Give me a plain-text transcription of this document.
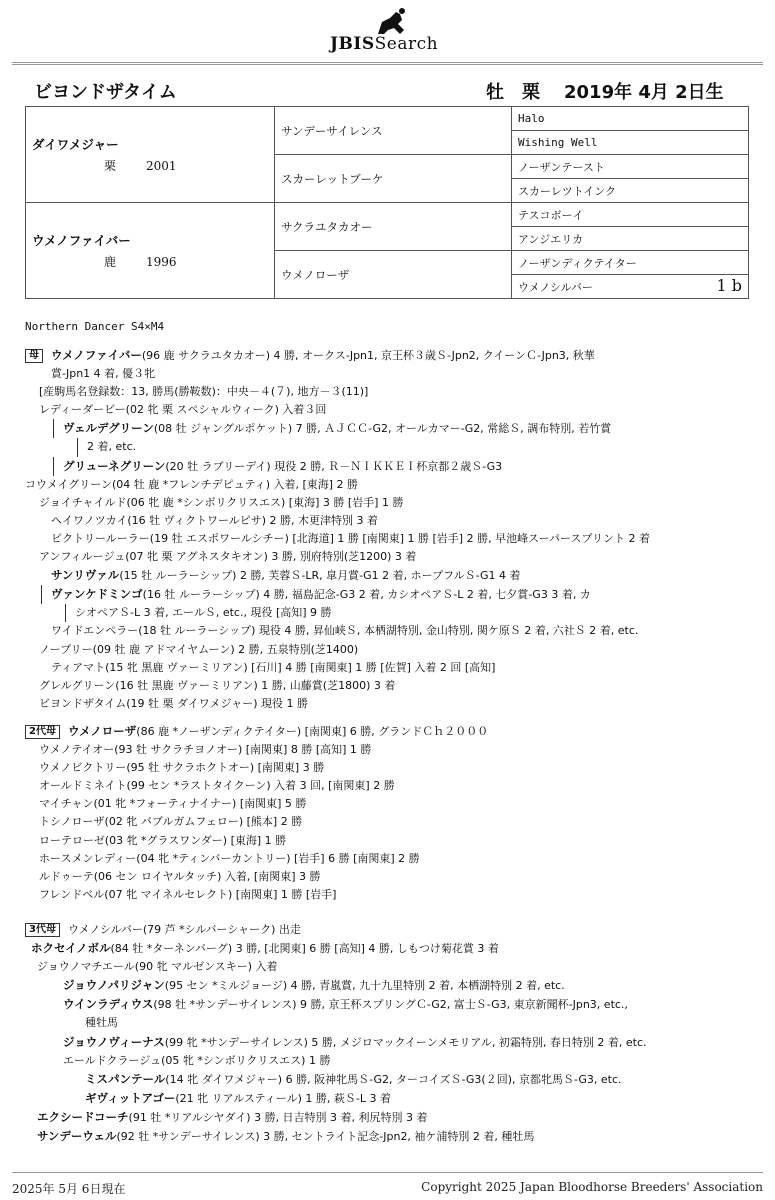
JBISSearch
ビヨンドザタイム	牡 栗 2019年 4月 2日生
ダイワメジャー
栗 2001	サンデーサイレンス	Halo
		Wishing Well
	スカーレットブーケ	ノーザンテースト
		スカーレツトインク

ウメノファイバー
鹿 1996	サクラユタカオー	テスコボーイ
		アンジエリカ
	ウメノローザ	ノーザンディクテイター
		ウメノシルバー 1 b
Northern Dancer S4×M4
母 ウメノファイバー(96 鹿 サクラユタカオー) 4 勝, オークス-Jpn1, 京王杯３歳Ｓ-Jpn2, クイーンＣ-Jpn3, 秋華
賞-Jpn1 4 着, 優３牝
[産駒馬名登録数：13, 勝馬(勝鞍数)：中央－４(７), 地方－３(11)]
レディーダービー(02 牝 栗 スペシャルウィーク) 入着３回
ヴェルデグリーン(08 牡 ジャングルポケット) 7 勝, ＡＪＣＣ-G2, オールカマー-G2, 常総Ｓ, 調布特別, 若竹賞
2 着, etc.
グリューネグリーン(20 牡 ラブリーデイ) 現役 2 勝, Ｒ－ＮＩＫＫＥＩ杯京都２歳Ｓ-G3
コウメイグリーン(04 牡 鹿 *フレンチデピュティ) 入着, [東海] 2 勝
ジョイチャイルド(06 牝 鹿 *シンボリクリスエス) [東海] 3 勝 [岩手] 1 勝
ヘイワノツカイ(16 牡 ヴィクトワールピサ) 2 勝, 木更津特別 3 着
ビクトリールーラー(19 牡 エスポワールシチー) [北海道] 1 勝 [南関東] 1 勝 [岩手] 2 勝, 早池峰スーパースプリント 2 着
アンフィルージュ(07 牝 栗 アグネスタキオン) 3 勝, 別府特別(芝1200) 3 着
サンリヴァル(15 牡 ルーラーシップ) 2 勝, 芙蓉Ｓ-LR, 皐月賞-G1 2 着, ホープフルＳ-G1 4 着
ヴァンケドミンゴ(16 牡 ルーラーシップ) 4 勝, 福島記念-G3 2 着, カシオペアＳ-L 2 着, 七夕賞-G3 3 着, カ
シオペアＳ-L 3 着, エールＳ, etc., 現役 [高知] 9 勝
ワイドエンペラー(18 牡 ルーラーシップ) 現役 4 勝, 昇仙峡Ｓ, 本栖湖特別, 金山特別, 関ケ原Ｓ 2 着, 六社Ｓ 2 着, etc.
ノーブリー(09 牡 鹿 アドマイヤムーン) 2 勝, 五泉特別(芝1400)
ティアマト(15 牝 黒鹿 ヴァーミリアン) [石川] 4 勝 [南関東] 1 勝 [佐賀] 入着 2 回 [高知]
グレルグリーン(16 牡 黒鹿 ヴァーミリアン) 1 勝, 山藤賞(芝1800) 3 着
ビヨンドザタイム(19 牡 栗 ダイワメジャー) 現役 1 勝
2代母 ウメノローザ(86 鹿 *ノーザンディクテイター) [南関東] 6 勝, グランドＣｈ２０００
ウメノテイオー(93 牡 サクラチヨノオー) [南関東] 8 勝 [高知] 1 勝
ウメノビクトリー(95 牡 サクラホクトオー) [南関東] 3 勝
オールドミネイト(99 セン *ラストタイクーン) 入着 3 回, [南関東] 2 勝
マイチャン(01 牝 *フォーティナイナー) [南関東] 5 勝
トシノローザ(02 牝 バブルガムフェロー) [熊本] 2 勝
ローテローゼ(03 牝 *グラスワンダー) [東海] 1 勝
ホースメンレディー(04 牝 *ティンバーカントリー) [岩手] 6 勝 [南関東] 2 勝
ルドゥーテ(06 セン ロイヤルタッチ) 入着, [南関東] 3 勝
フレンドベル(07 牝 マイネルセレクト) [南関東] 1 勝 [岩手]
3代母 ウメノシルバー(79 芦 *シルバーシャーク) 出走
ホクセイノボル(84 牡 *ターネンバーグ) 3 勝, [北関東] 6 勝 [高知] 4 勝, しもつけ菊花賞 3 着
ジョウノマチエール(90 牝 マルゼンスキー) 入着
ジョウノパリジャン(95 セン *ミルジョージ) 4 勝, 青嵐賞, 九十九里特別 2 着, 本栖湖特別 2 着, etc.
ウインラディウス(98 牡 *サンデーサイレンス) 9 勝, 京王杯スプリングＣ-G2, 富士Ｓ-G3, 東京新聞杯-Jpn3, etc.,
種牡馬
ジョウノヴィーナス(99 牝 *サンデーサイレンス) 5 勝, メジロマックイーンメモリアル, 初霜特別, 春日特別 2 着, etc.
エールドクラージュ(05 牝 *シンボリクリスエス) 1 勝
ミスパンテール(14 牝 ダイワメジャー) 6 勝, 阪神牝馬Ｓ-G2, ターコイズＳ-G3(２回), 京都牝馬Ｓ-G3, etc.
ギヴィットアゴー(21 牝 リアルスティール) 1 勝, 萩Ｓ-L 3 着
エクシードコーチ(91 牡 *リアルシヤダイ) 3 勝, 日吉特別 3 着, 利尻特別 3 着
サンデーウェル(92 牡 *サンデーサイレンス) 3 勝, セントライト記念-Jpn2, 袖ケ浦特別 2 着, 種牡馬
2025年 5月 6日現在	Copyright 2025 Japan Bloodhorse Breeders' Association
